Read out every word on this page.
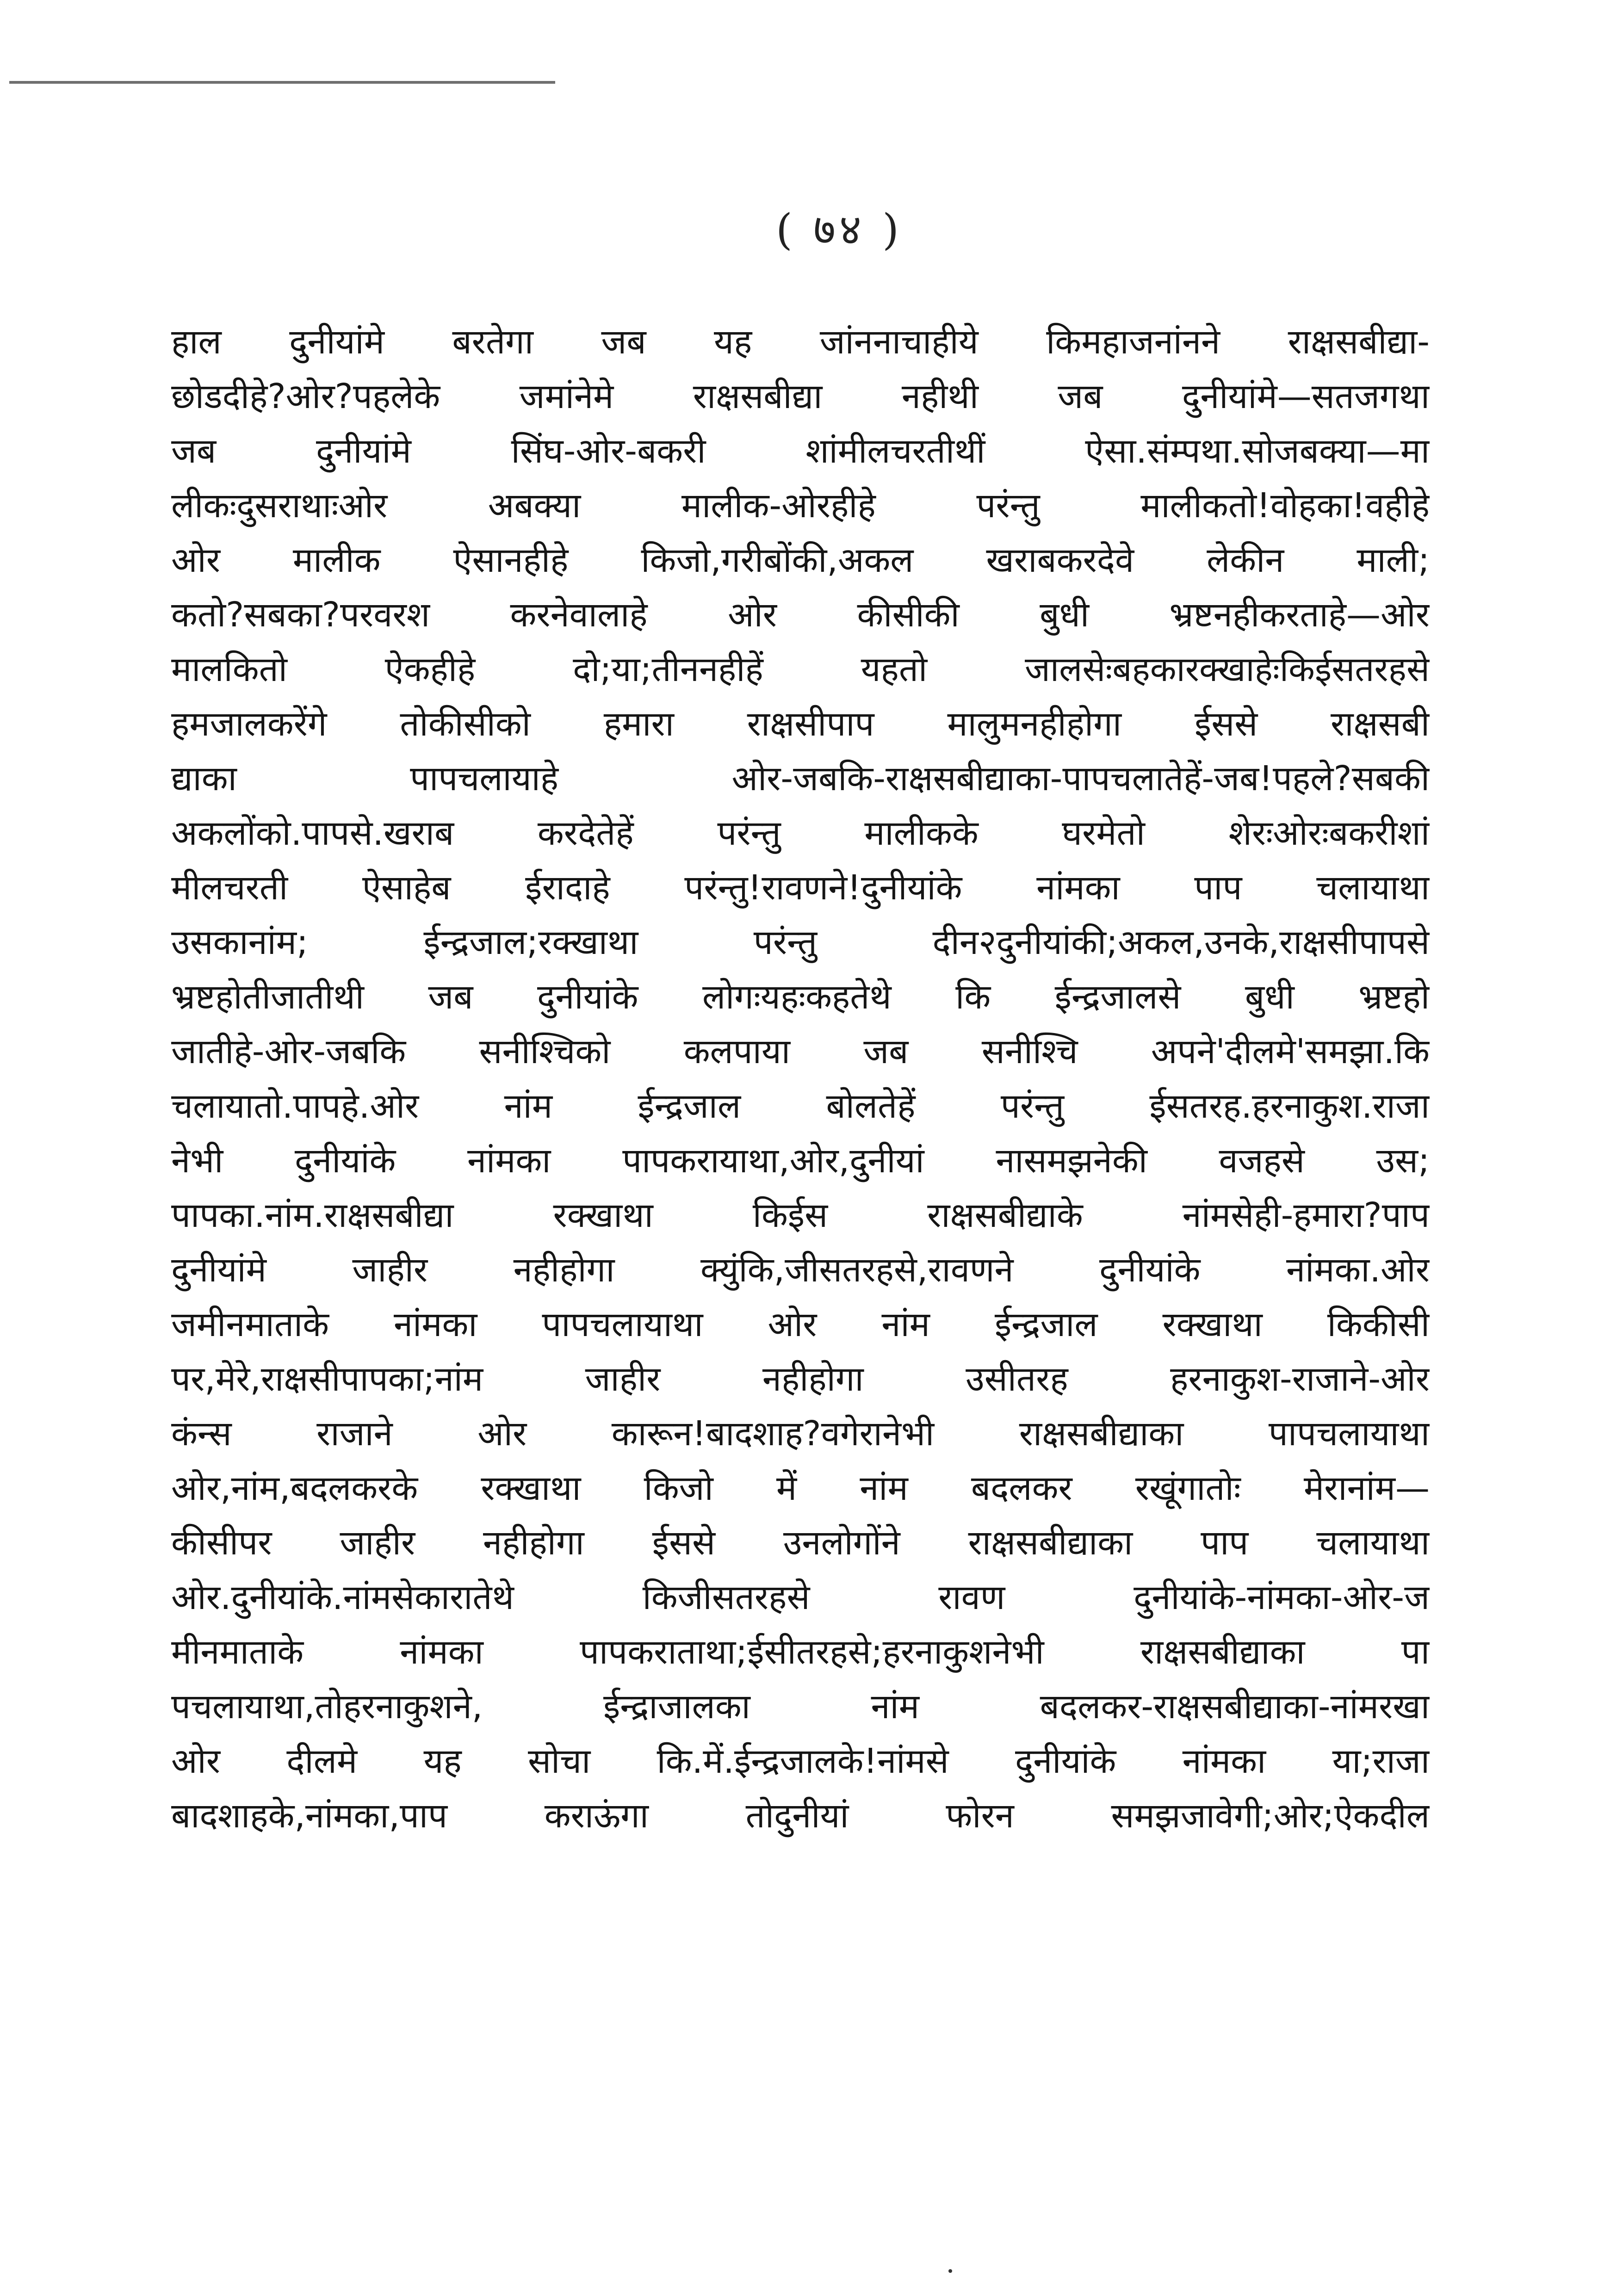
( ७४ )
हाल दुनीयांमे बरतेगा जब यह जांननाचाहीये किमहाजनांनने राक्षसबीद्या-
छोडदीहे?ओर?पहलेके जमांनेमे राक्षसबीद्या नहीथी जब दुनीयांमे—सतजगथा
जब दुनीयांमे सिंघ-ओर-बकरी शांमीलचरतीथीं ऐसा.संम्पथा.सोजबक्या—मा
लीकःदुसराथाःओर अबक्या मालीक-ओरहीहे परंन्तु मालीकतो!वोहका!वहीहे
ओर मालीक ऐसानहीहे किजो,गरीबोंकी,अकल खराबकरदेवे लेकीन माली;
कतो?सबका?परवरश करनेवालाहे ओर कीसीकी बुधी भ्रष्टनहीकरताहे—ओर
मालकितो ऐकहीहे दो;या;तीननहीहें यहतो जालसेःबहकारक्खाहेःकिईसतरहसे
हमजालकरेंगे तोकीसीको हमारा राक्षसीपाप मालुमनहीहोगा ईससे राक्षसबी
द्याका पापचलायाहे ओर-जबकि-राक्षसबीद्याका-पापचलातेहें-जब!पहले?सबकी
अकलोंको.पापसे.खराब करदेतेहें परंन्तु मालीकके घरमेतो शेरःओरःबकरीशां
मीलचरती ऐसाहेब ईरादाहे परंन्तु!रावणने!दुनीयांके नांमका पाप चलायाथा
उसकानांम; ईन्द्रजाल;रक्खाथा परंन्तु दीन२दुनीयांकी;अकल,उनके,राक्षसीपापसे
भ्रष्टहोतीजातीथी जब दुनीयांके लोगःयहःकहतेथे कि ईन्द्रजालसे बुधी भ्रष्टहो
जातीहे-ओर-जबकि सनीश्चिको कलपाया जब सनीश्चि अपने'दीलमे'समझा.कि
चलायातो.पापहे.ओर नांम ईन्द्रजाल बोलतेहें परंन्तु ईसतरह.हरनाकुश.राजा
नेभी दुनीयांके नांमका पापकरायाथा,ओर,दुनीयां नासमझनेकी वजहसे उस;
पापका.नांम.राक्षसबीद्या रक्खाथा किईस राक्षसबीद्याके नांमसेही-हमारा?पाप
दुनीयांमे जाहीर नहीहोगा क्युंकि,जीसतरहसे,रावणने दुनीयांके नांमका.ओर
जमीनमाताके नांमका पापचलायाथा ओर नांम ईन्द्रजाल रक्खाथा किकीसी
पर,मेरे,राक्षसीपापका;नांम जाहीर नहीहोगा उसीतरह हरनाकुश-राजाने-ओर
कंन्स राजाने ओर कारून!बादशाह?वगेरानेभी राक्षसबीद्याका पापचलायाथा
ओर,नांम,बदलकरके रक्खाथा किजो में नांम बदलकर रखूंगातोः मेरानांम—
कीसीपर जाहीर नहीहोगा ईससे उनलोगोंने राक्षसबीद्याका पाप चलायाथा
ओर.दुनीयांके.नांमसेकारातेथे किजीसतरहसे रावण दुनीयांके-नांमका-ओर-ज
मीनमाताके नांमका पापकराताथा;ईसीतरहसे;हरनाकुशनेभी राक्षसबीद्याका पा
पचलायाथा,तोहरनाकुशने, ईन्द्राजालका नांम बदलकर-राक्षसबीद्याका-नांमरखा
ओर दीलमे यह सोचा कि.में.ईन्द्रजालके!नांमसे दुनीयांके नांमका या;राजा
बादशाहके,नांमका,पाप कराऊंगा तोदुनीयां फोरन समझजावेगी;ओर;ऐकदील
